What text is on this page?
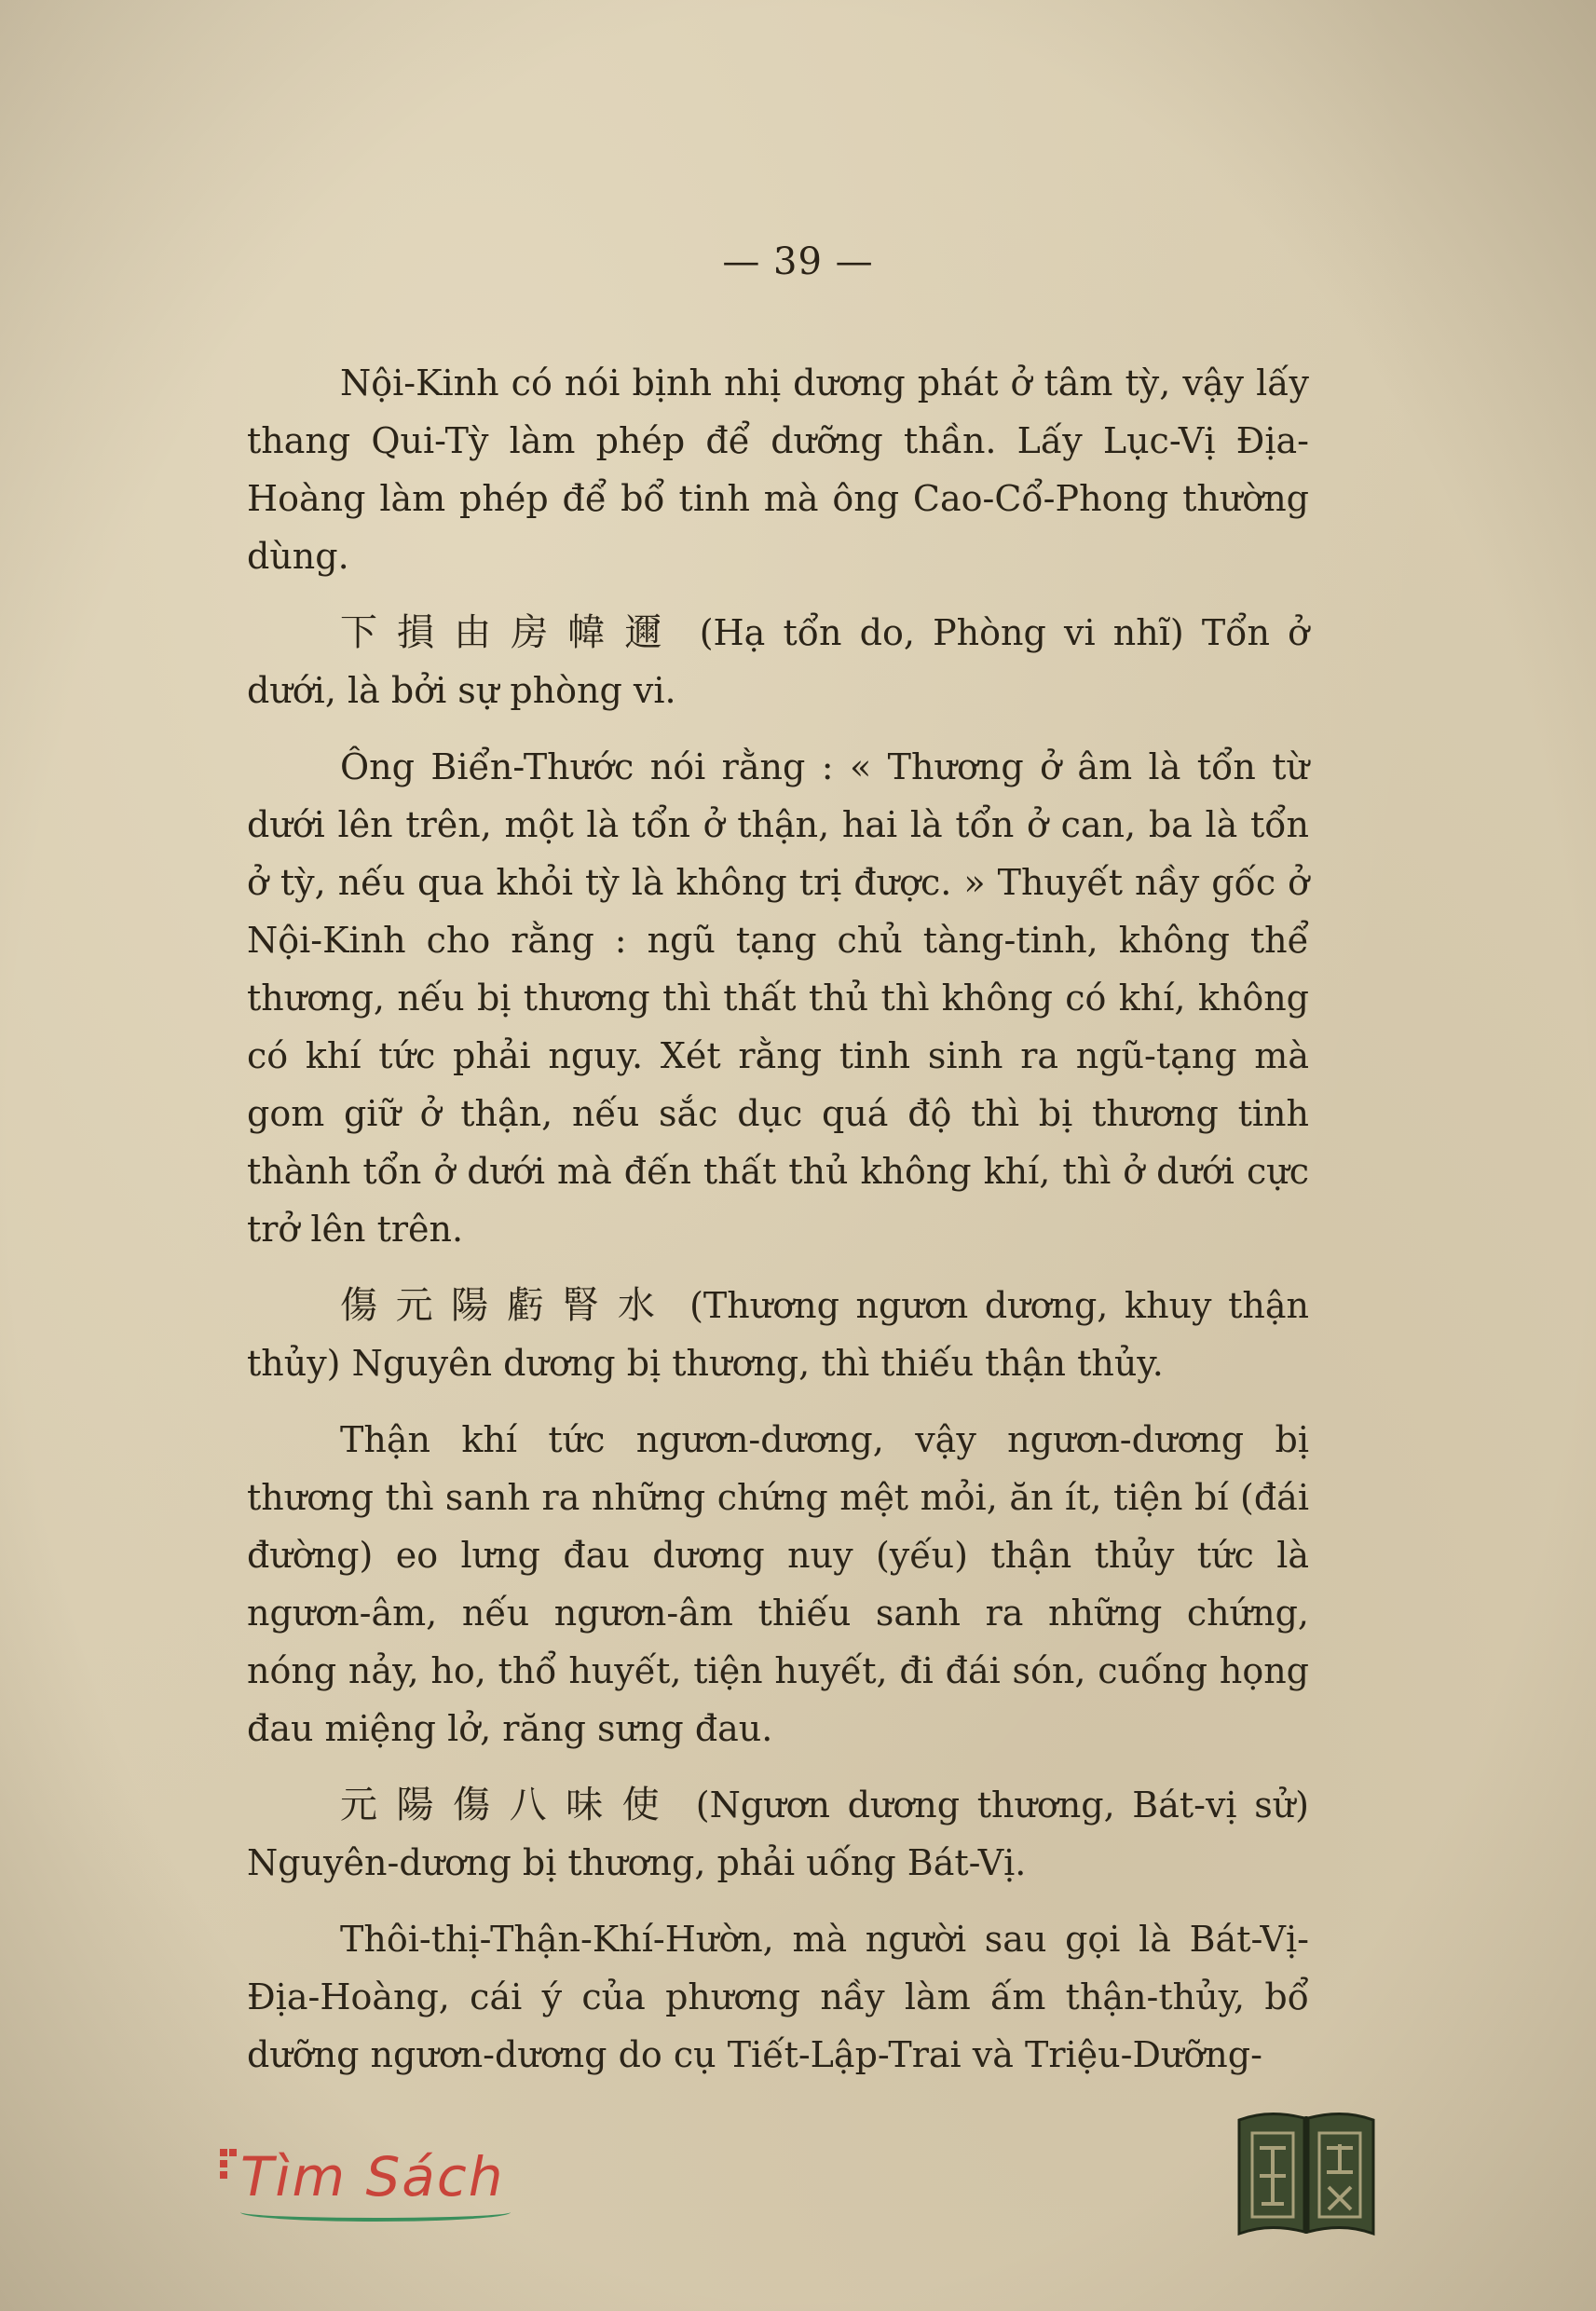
— 39 —

Nội-Kinh có nói bịnh nhị dương phát ở tâm tỳ, vậy lấy thang Qui-Tỳ làm phép để dưỡng thần. Lấy Lục-Vị Địa-Hoàng làm phép để bổ tinh mà ông Cao-Cổ-Phong thường dùng.

下損由房幃邇 (Hạ tổn do, Phòng vi nhĩ) Tổn ở dưới, là bởi sự phòng vi.

Ông Biển-Thước nói rằng : « Thương ở âm là tổn từ dưới lên trên, một là tổn ở thận, hai là tổn ở can, ba là tổn ở tỳ, nếu qua khỏi tỳ là không trị được. » Thuyết nầy gốc ở Nội-Kinh cho rằng : ngũ tạng chủ tàng-tinh, không thể thương, nếu bị thương thì thất thủ thì không có khí, không có khí tức phải nguy. Xét rằng tinh sinh ra ngũ-tạng mà gom giữ ở thận, nếu sắc dục quá độ thì bị thương tinh thành tổn ở dưới mà đến thất thủ không khí, thì ở dưới cực trở lên trên.

傷元陽虧腎水 (Thương ngươn dương, khuy thận thủy) Nguyên dương bị thương, thì thiếu thận thủy.

Thận khí tức ngươn-dương, vậy ngươn-dương bị thương thì sanh ra những chứng mệt mỏi, ăn ít, tiện bí (đái đường) eo lưng đau dương nuy (yếu) thận thủy tức là ngươn-âm, nếu ngươn-âm thiếu sanh ra những chứng, nóng nảy, ho, thổ huyết, tiện huyết, đi đái són, cuống họng đau miệng lở, răng sưng đau.

元陽傷八味使 (Ngươn dương thương, Bát-vị sử) Nguyên-dương bị thương, phải uống Bát-Vị.

Thôi-thị-Thận-Khí-Hườn, mà người sau gọi là Bát-Vị-Địa-Hoàng, cái ý của phương nầy làm ấm thận-thủy, bổ dưỡng ngươn-dương do cụ Tiết-Lập-Trai và Triệu-Dưỡng-

Tìm Sách
